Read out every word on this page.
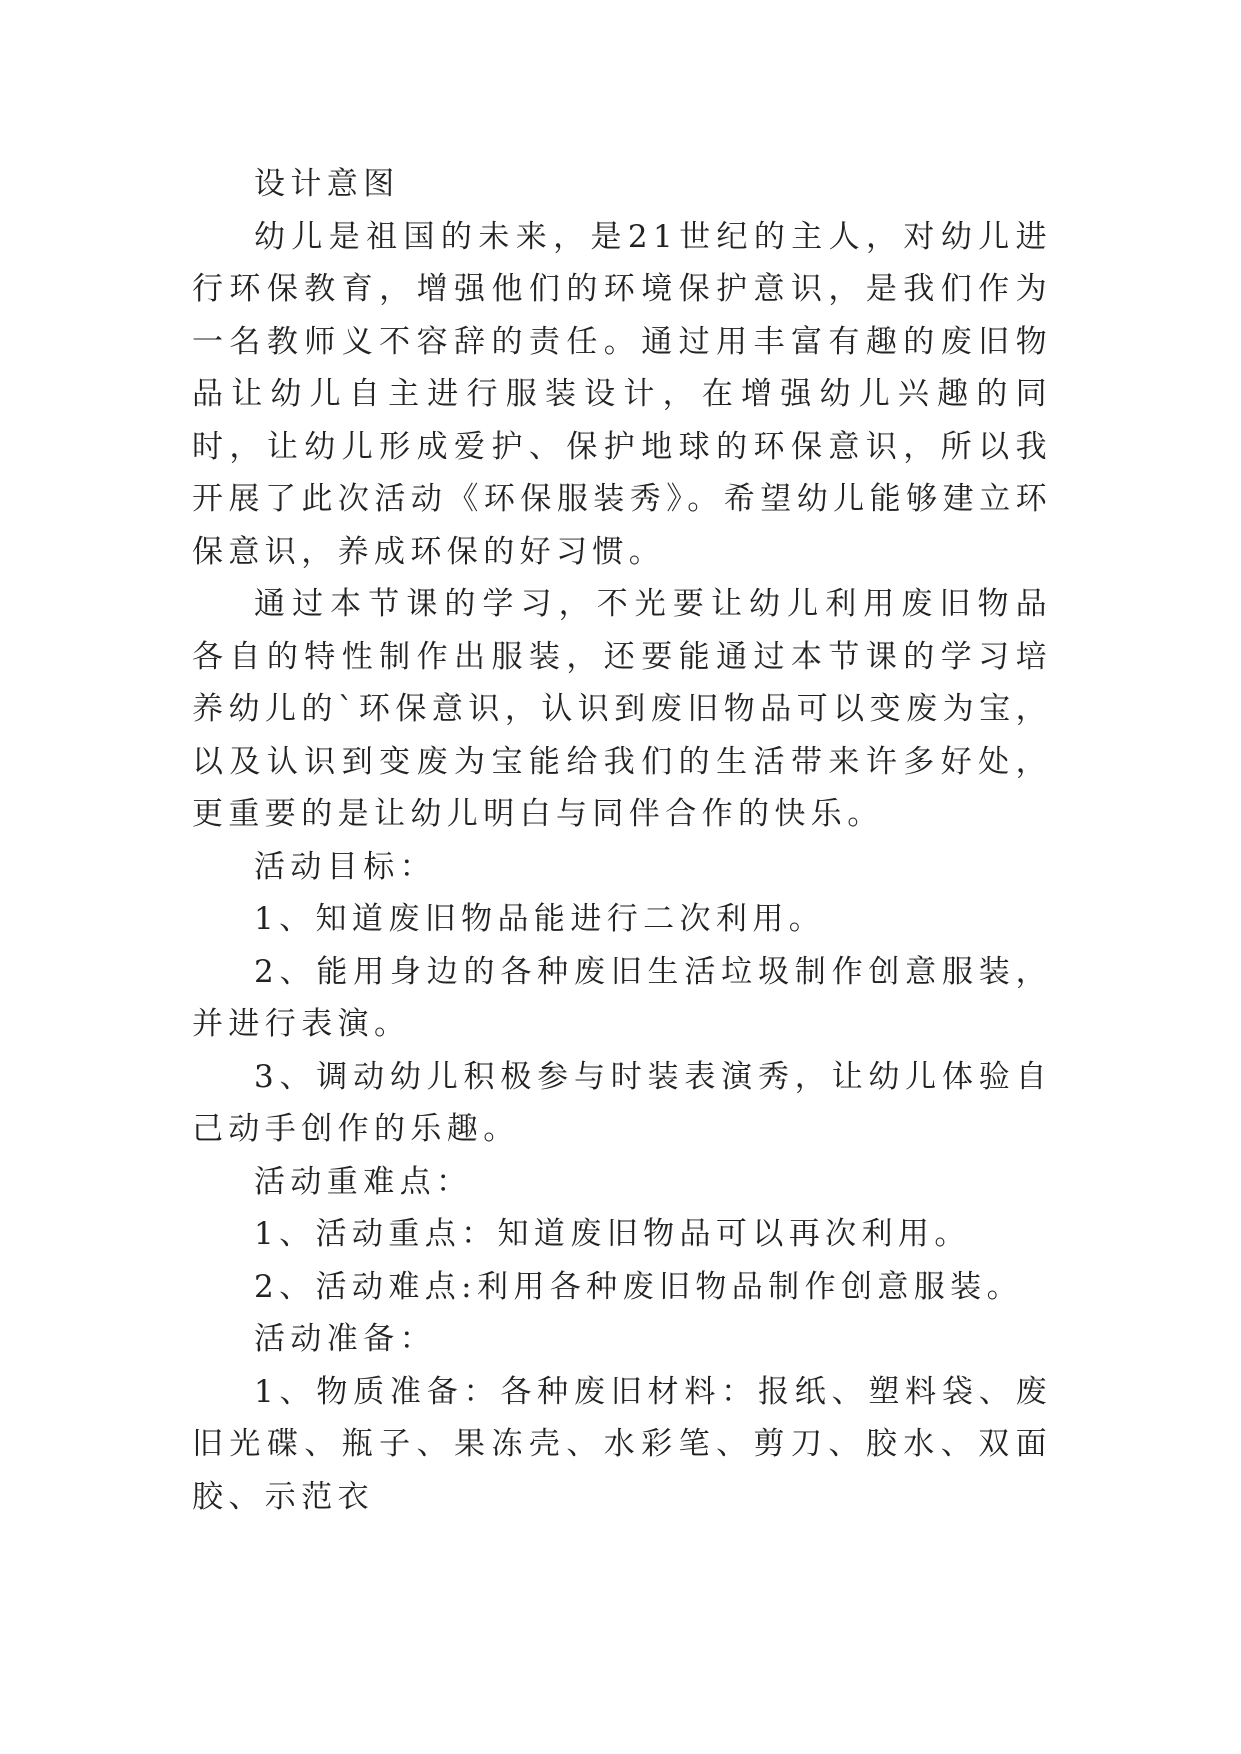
设计意图

幼儿是祖国的未来，是21世纪的主人，对幼儿进行环保教育，增强他们的环境保护意识，是我们作为一名教师义不容辞的责任。通过用丰富有趣的废旧物品让幼儿自主进行服装设计，在增强幼儿兴趣的同时，让幼儿形成爱护、保护地球的环保意识，所以我开展了此次活动《环保服装秀》。希望幼儿能够建立环保意识，养成环保的好习惯。

通过本节课的学习，不光要让幼儿利用废旧物品各自的特性制作出服装，还要能通过本节课的学习培养幼儿的`环保意识，认识到废旧物品可以变废为宝，以及认识到变废为宝能给我们的生活带来许多好处，更重要的是让幼儿明白与同伴合作的快乐。

活动目标：

1、知道废旧物品能进行二次利用。

2、能用身边的各种废旧生活垃圾制作创意服装，并进行表演。

3、调动幼儿积极参与时装表演秀，让幼儿体验自己动手创作的乐趣。

活动重难点：

1、活动重点：知道废旧物品可以再次利用。

2、活动难点:利用各种废旧物品制作创意服装。

活动准备：

1、物质准备：各种废旧材料：报纸、塑料袋、废旧光碟、瓶子、果冻壳、水彩笔、剪刀、胶水、双面胶、示范衣
